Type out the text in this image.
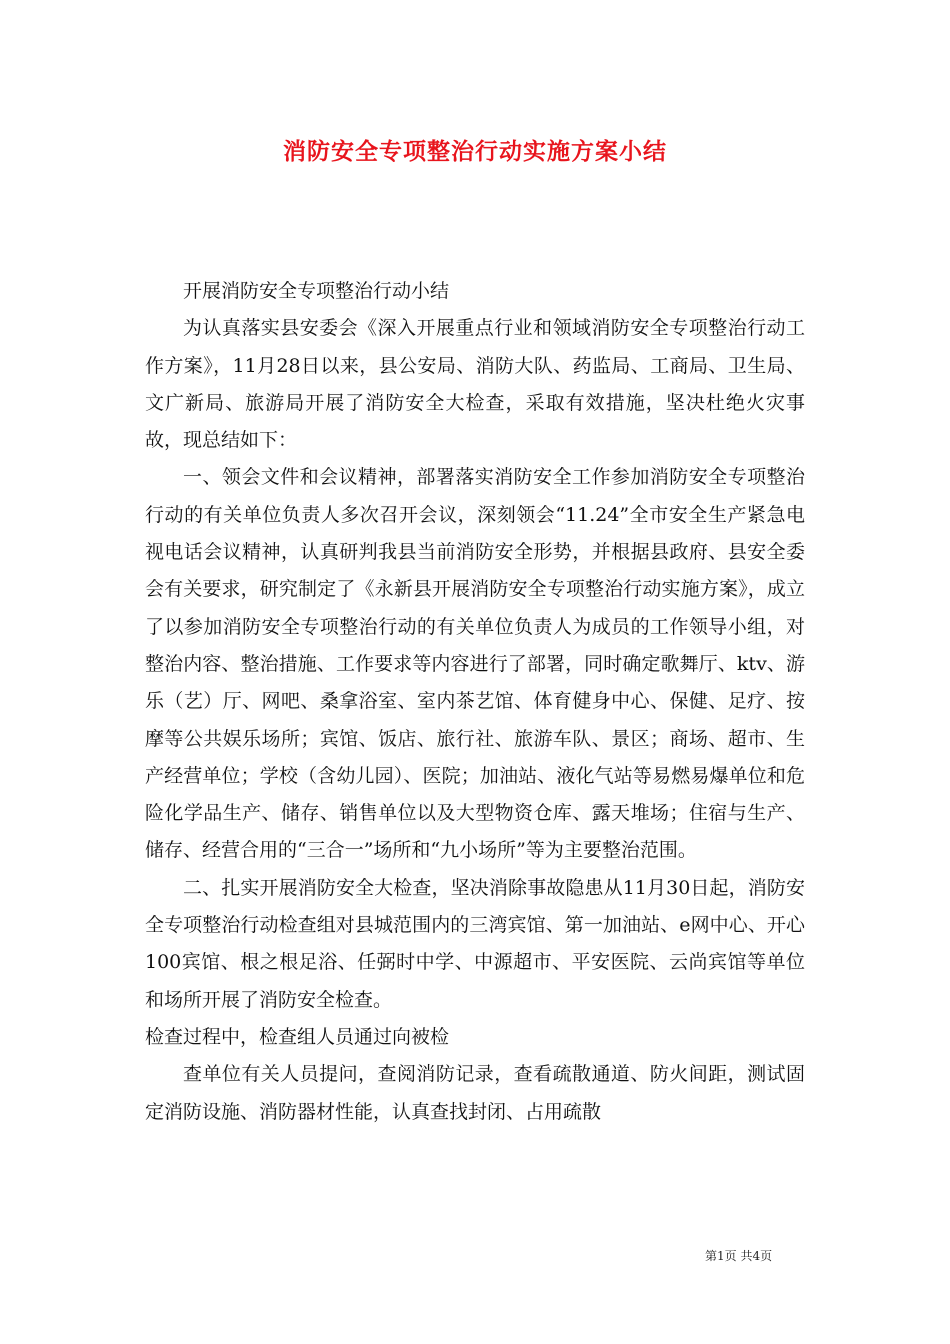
消防安全专项整治行动实施方案小结

开展消防安全专项整治行动小结

为认真落实县安委会《深入开展重点行业和领域消防安全专项整治行动工作方案》，11月28日以来，县公安局、消防大队、药监局、工商局、卫生局、文广新局、旅游局开展了消防安全大检查，采取有效措施，坚决杜绝火灾事故，现总结如下：

一、领会文件和会议精神，部署落实消防安全工作参加消防安全专项整治行动的有关单位负责人多次召开会议，深刻领会“11.24”全市安全生产紧急电视电话会议精神，认真研判我县当前消防安全形势，并根据县政府、县安全委会有关要求，研究制定了《永新县开展消防安全专项整治行动实施方案》，成立了以参加消防安全专项整治行动的有关单位负责人为成员的工作领导小组，对整治内容、整治措施、工作要求等内容进行了部署，同时确定歌舞厅、ktv、游乐（艺）厅、网吧、桑拿浴室、室内茶艺馆、体育健身中心、保健、足疗、按摩等公共娱乐场所；宾馆、饭店、旅行社、旅游车队、景区；商场、超市、生产经营单位；学校（含幼儿园）、医院；加油站、液化气站等易燃易爆单位和危险化学品生产、储存、销售单位以及大型物资仓库、露天堆场；住宿与生产、储存、经营合用的“三合一”场所和“九小场所”等为主要整治范围。

二、扎实开展消防安全大检查，坚决消除事故隐患从11月30日起，消防安全专项整治行动检查组对县城范围内的三湾宾馆、第一加油站、e网中心、开心100宾馆、根之根足浴、任弼时中学、中源超市、平安医院、云尚宾馆等单位和场所开展了消防安全检查。

检查过程中，检查组人员通过向被检

查单位有关人员提问，查阅消防记录，查看疏散通道、防火间距，测试固定消防设施、消防器材性能，认真查找封闭、占用疏散

第1页 共4页
